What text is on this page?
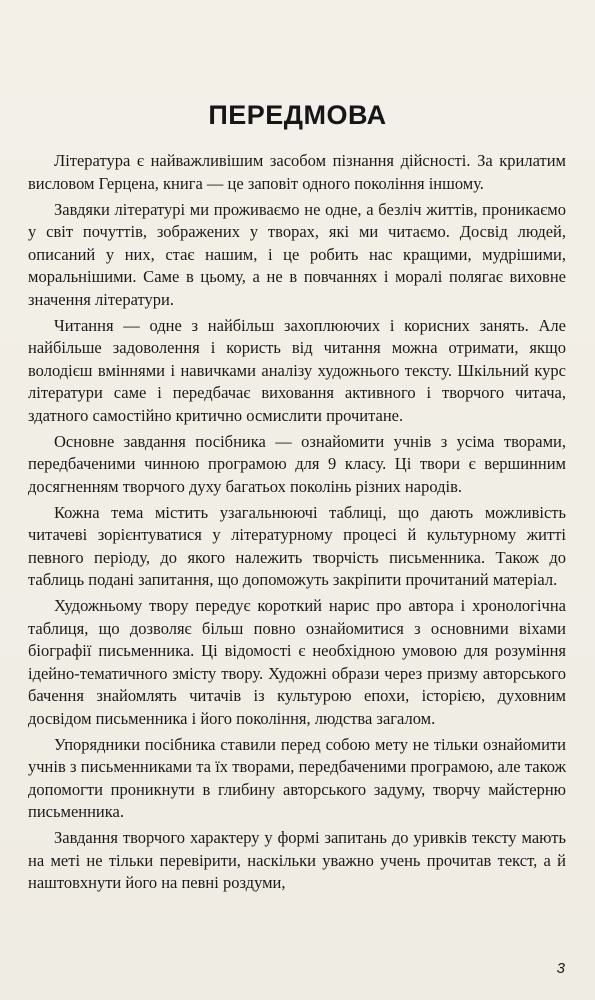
ПЕРЕДМОВА

Література є найважливішим засобом пізнання дійсності. За крилатим висловом Герцена, книга — це заповіт одного покоління іншому.

Завдяки літературі ми проживаємо не одне, а безліч життів, проникаємо у світ почуттів, зображених у творах, які ми читаємо. Досвід людей, описаний у них, стає нашим, і це робить нас кращими, мудрішими, моральнішими. Саме в цьому, а не в повчаннях і моралі полягає виховне значення літератури.

Читання — одне з найбільш захоплюючих і корисних занять. Але найбільше задоволення і користь від читання можна отримати, якщо володієш вміннями і навичками аналізу художнього тексту. Шкільний курс літератури саме і передбачає виховання активного і творчого читача, здатного самостійно критично осмислити прочитане.

Основне завдання посібника — ознайомити учнів з усіма творами, передбаченими чинною програмою для 9 класу. Ці твори є вершинним досягненням творчого духу багатьох поколінь різних народів.

Кожна тема містить узагальнюючі таблиці, що дають можливість читачеві зорієнтуватися у літературному процесі й культурному житті певного періоду, до якого належить творчість письменника. Також до таблиць подані запитання, що допоможуть закріпити прочитаний матеріал.

Художньому твору передує короткий нарис про автора і хронологічна таблиця, що дозволяє більш повно ознайомитися з основними віхами біографії письменника. Ці відомості є необхідною умовою для розуміння ідейно-тематичного змісту твору. Художні образи через призму авторського бачення знайомлять читачів із культурою епохи, історією, духовним досвідом письменника і його покоління, людства загалом.

Упорядники посібника ставили перед собою мету не тільки ознайомити учнів з письменниками та їх творами, передбаченими програмою, але також допомогти проникнути в глибину авторського задуму, творчу майстерню письменника.

Завдання творчого характеру у формі запитань до уривків тексту мають на меті не тільки перевірити, наскільки уважно учень прочитав текст, а й наштовхнути його на певні роздуми,

3
